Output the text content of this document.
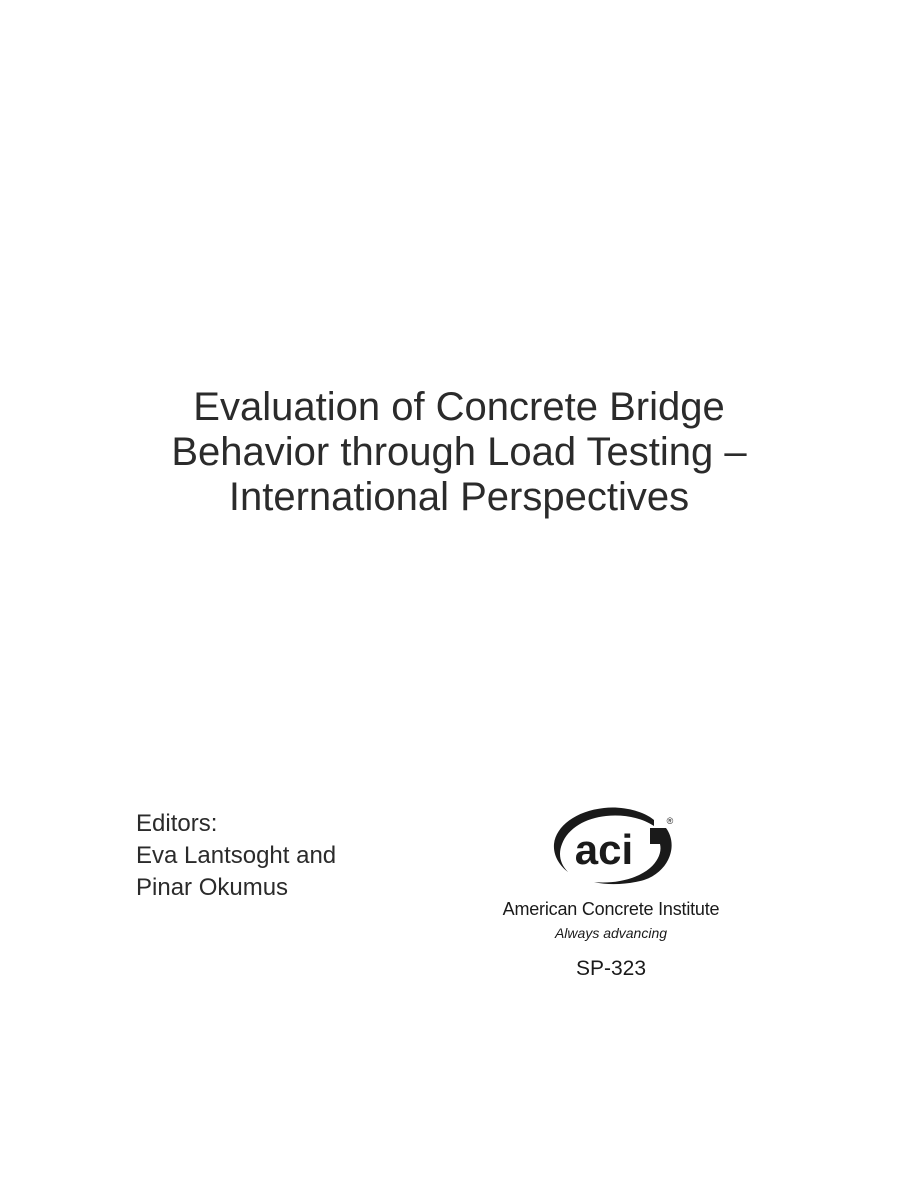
Evaluation of Concrete Bridge
Behavior through Load Testing –
International Perspectives
Editors:
Eva Lantsoght and
Pinar Okumus
aci
®
American Concrete Institute
Always advancing
SP-323
